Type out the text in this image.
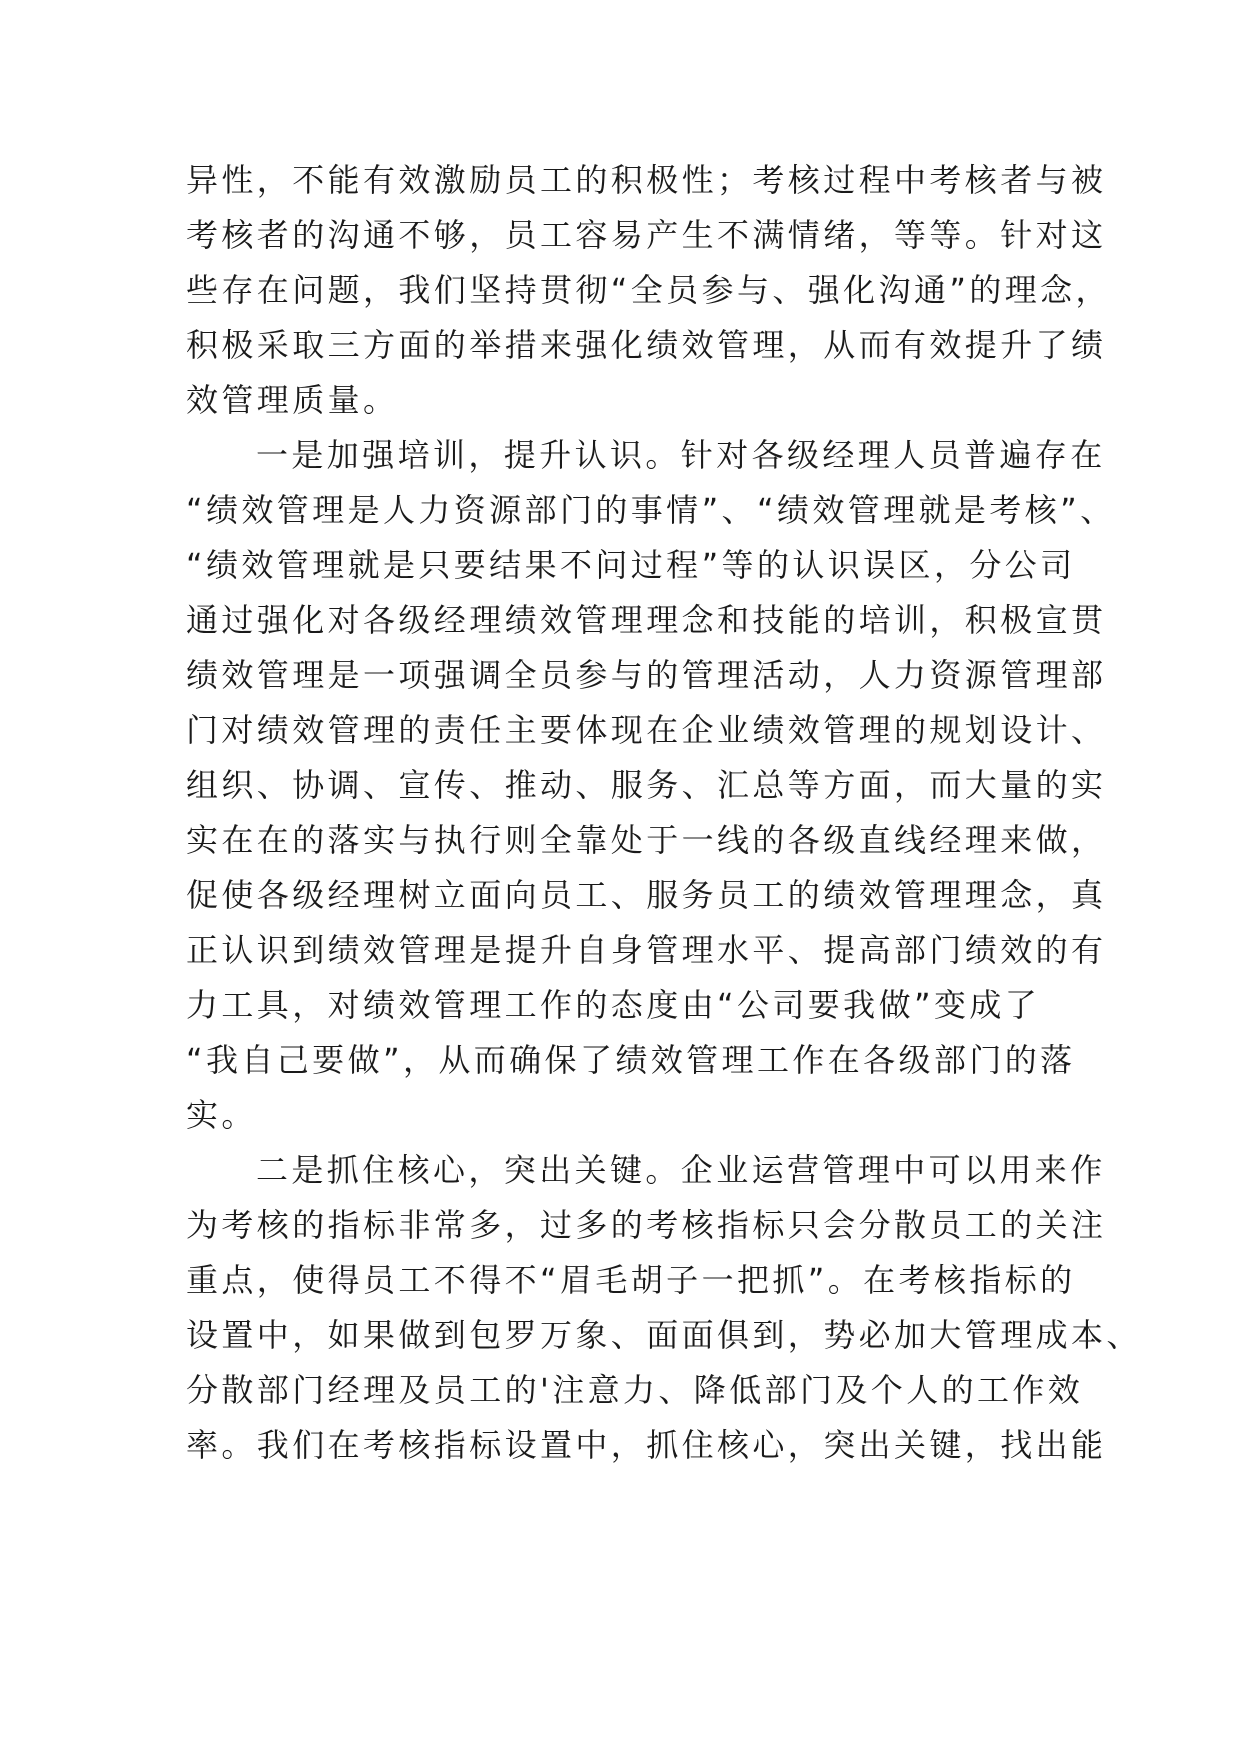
异性，不能有效激励员工的积极性；考核过程中考核者与被
考核者的沟通不够，员工容易产生不满情绪，等等。针对这
些存在问题，我们坚持贯彻“全员参与、强化沟通”的理念，
积极采取三方面的举措来强化绩效管理，从而有效提升了绩
效管理质量。
一是加强培训，提升认识。针对各级经理人员普遍存在
“绩效管理是人力资源部门的事情”、“绩效管理就是考核”、
“绩效管理就是只要结果不问过程”等的认识误区，分公司
通过强化对各级经理绩效管理理念和技能的培训，积极宣贯
绩效管理是一项强调全员参与的管理活动，人力资源管理部
门对绩效管理的责任主要体现在企业绩效管理的规划设计、
组织、协调、宣传、推动、服务、汇总等方面，而大量的实
实在在的落实与执行则全靠处于一线的各级直线经理来做，
促使各级经理树立面向员工、服务员工的绩效管理理念，真
正认识到绩效管理是提升自身管理水平、提高部门绩效的有
力工具，对绩效管理工作的态度由“公司要我做”变成了
“我自己要做”，从而确保了绩效管理工作在各级部门的落
实。
二是抓住核心，突出关键。企业运营管理中可以用来作
为考核的指标非常多，过多的考核指标只会分散员工的关注
重点，使得员工不得不“眉毛胡子一把抓”。在考核指标的
设置中，如果做到包罗万象、面面俱到，势必加大管理成本、
分散部门经理及员工的'注意力、降低部门及个人的工作效
率。我们在考核指标设置中，抓住核心，突出关键，找出能
